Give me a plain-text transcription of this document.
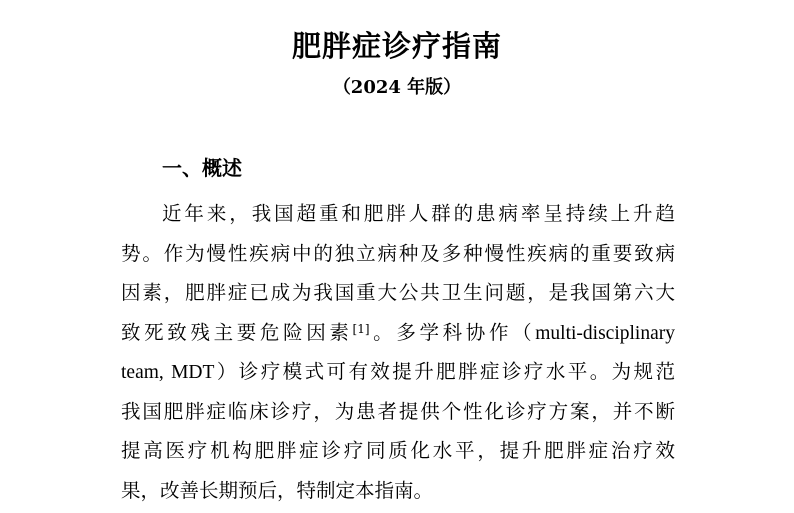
肥胖症诊疗指南
（2024 年版）
一、概述
近年来，我国超重和肥胖人群的患病率呈持续上升趋
势。作为慢性疾病中的独立病种及多种慢性疾病的重要致病
因素，肥胖症已成为我国重大公共卫生问题，是我国第六大
致死致残主要危险因素[1]。多学科协作（multi-disciplinary
team, MDT）诊疗模式可有效提升肥胖症诊疗水平。为规范
我国肥胖症临床诊疗，为患者提供个性化诊疗方案，并不断
提高医疗机构肥胖症诊疗同质化水平，提升肥胖症治疗效
果，改善长期预后，特制定本指南。
